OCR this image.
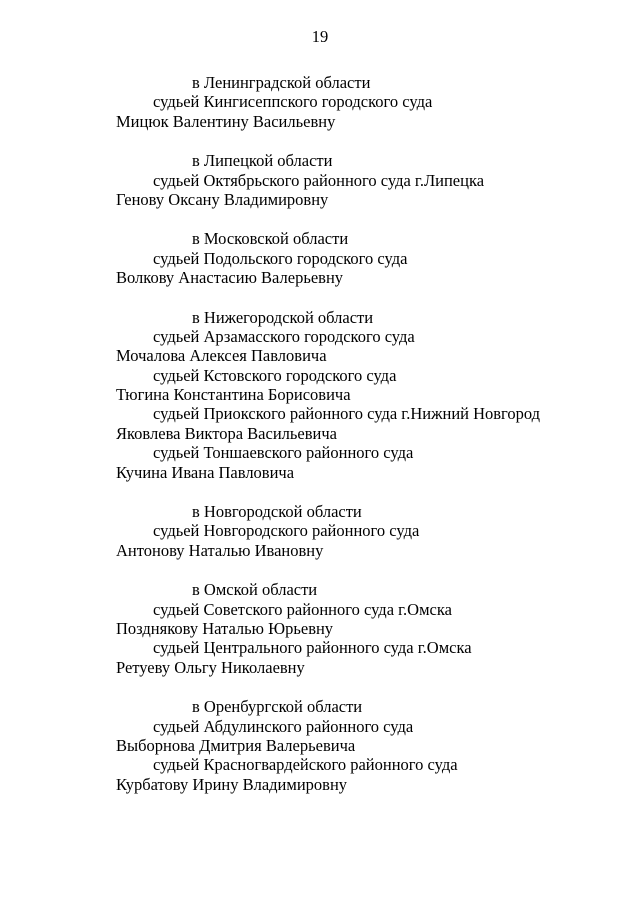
19
в Ленинградской области
судьей Кингисеппского городского суда
Мицюк Валентину Васильевну
в Липецкой области
судьей Октябрьского районного суда г.Липецка
Генову Оксану Владимировну
в Московской области
судьей Подольского городского суда
Волкову Анастасию Валерьевну
в Нижегородской области
судьей Арзамасского городского суда
Мочалова Алексея Павловича
судьей Кстовского городского суда
Тюгина Константина Борисовича
судьей Приокского районного суда г.Нижний Новгород
Яковлева Виктора Васильевича
судьей Тоншаевского районного суда
Кучина Ивана Павловича
в Новгородской области
судьей Новгородского районного суда
Антонову Наталью Ивановну
в Омской области
судьей Советского районного суда г.Омска
Позднякову Наталью Юрьевну
судьей Центрального районного суда г.Омска
Ретуеву Ольгу Николаевну
в Оренбургской области
судьей Абдулинского районного суда
Выборнова Дмитрия Валерьевича
судьей Красногвардейского районного суда
Курбатову Ирину Владимировну
